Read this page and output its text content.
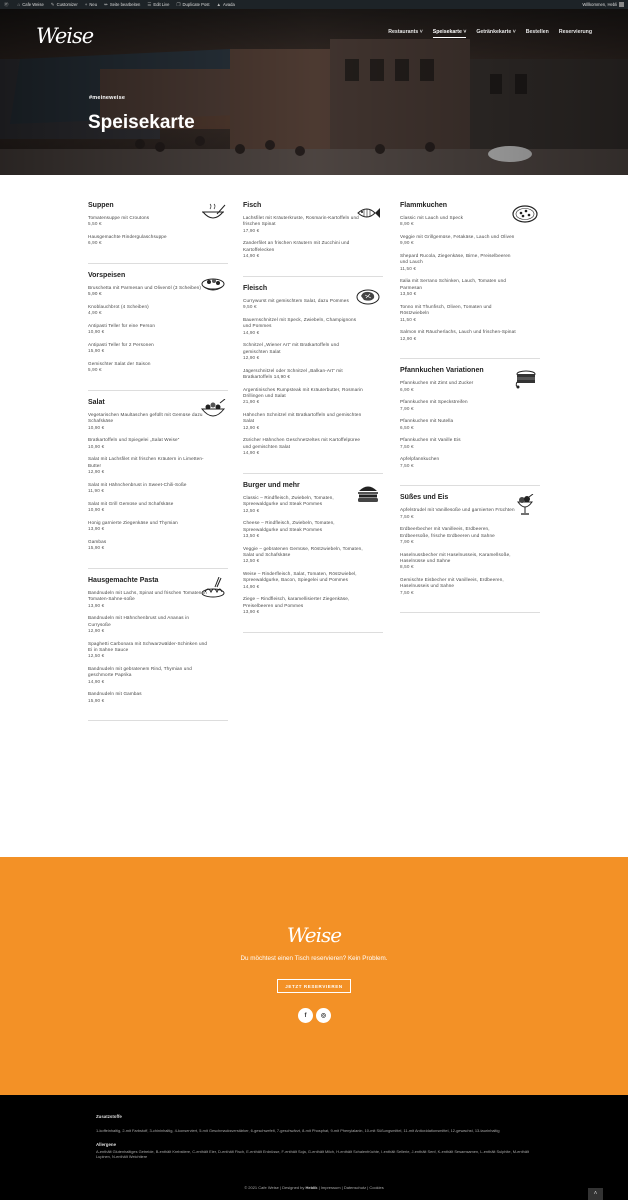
Ⓦ ⌂ Cafe Weise ✎ Customizer + Neu ✏ Seite bearbeiten ☰ Edit Live ❐ Duplicate Post ▲ Avada	Willkommen, Hebli
Weise	Restaurants ˅ Speisekarte ˅ Getränkekarte ˅ Bestellen Reservierung
#meineweise
Speisekarte
Suppen
Tomatensuppe mit Croutons
5,50 €
Hausgemachte Rindergulaschsuppe
6,90 €
Vorspeisen
Bruschetta mit Parmesan und Olivenöl (3 Scheiben) 5,90 €
Knoblauchbrot (4 Scheiben)
4,90 €
Antipasti Teller für eine Person
10,90 €
Antipasti Teller für 2 Personen
15,90 €
Gemischter Salat der Saison
5,90 €
Salat
Vegetarischen Maultaschen gefüllt mit Gemüse dazu Schafskäse
10,90 €
Bratkartoffeln und Spiegelei „Salat Weise“
10,90 €
Salat mit Lachsfilet mit frischen Kräutern in Limetten-Butter
12,90 €
Salat mit Hähnchenbrust in Sweet-Chili-Soße
11,90 €
Salat mit Grill Gemüse und Schafskäse
10,90 €
Honig garnierte Ziegenkäse und Thymian
13,90 €
Gambas
15,90 €
Hausgemachte Pasta
Bandnudeln mit Lachs, Spinat und frischen Tomaten in Tomaten-Sahne-soße
13,90 €
Bandnudeln mit Hähnchenbrust und Ananas in Currysoße
12,90 €
Spaghetti Carbonara mit Schwarzwälder-Schinken und Ei in Sahne Sauce
12,50 €
Bandnudeln mit gebratenem Rind, Thymian und geschmorte Paprika
14,90 €
Bandnudeln mit Gambas
15,90 €
Fisch
Lachsfilet mit Kräuterkruste, Rosmarin-Kartoffeln und frischen Spinat
17,90 €
Zanderfilet an frischen Kräutern mit Zucchini und Kartoffelecken
14,90 €
Fleisch
Currywurst mit gemischtem Salat, dazu Pommes
9,50 €
Bauernschnitzel mit Speck, Zwiebeln, Champignons und Pommes
14,90 €
Schnitzel „Wiener Art“ mit Bratkartoffeln und gemischten Salat
12,90 €
Jägerschnitzel oder Schnitzel „Balkan-Art“ mit Bratkartoffeln 14,90 €
Argentinisches Rumpsteak mit Kräuterbutter, Rosmarin Drillingen und Salat
21,90 €
Hähnchen Schnitzel mit Bratkartoffeln und gemischten Salat
12,90 €
Züricher Hähnchen Geschnetzeltes mit Kartoffelpüree und gemischten Salat
14,90 €
Burger und mehr
Classic – Rindfleisch, Zwiebeln, Tomaten, Spreewaldgurke und Steak Pommes
12,50 €
Cheese – Rindfleisch, Zwiebeln, Tomaten, Spreewaldgurke und Steak Pommes
13,50 €
Veggie – gebratenen Gemüse, Röstzwiebeln, Tomaten, Salat und Schafskäse
12,50 €
Weise – Rinderfleisch, Salat, Tomaten, Röstzwiebel, Spreewaldgurke, Bacon, Spiegelei und Pommes
14,90 €
Ziege – Rindfleisch, karamellisierter Ziegenkäse, Preiselbeeren und Pommes
13,90 €
Flammkuchen
Classic mit Lauch und Speck
8,90 €
Veggie mit Grillgemüse, Fetakäse, Lauch und Oliven
9,90 €
Shepard Rucola, Ziegenkäse, Birne, Preiselbeeren und Lauch
11,50 €
Italia mit Serrano Schinken, Lauch, Tomaten und Parmesan
13,50 €
Tonno mit Thunfisch, Oliven, Tomaten und Röstzwiebeln
11,50 €
Salmon mit Räucherlachs, Lauch und frischen-Spinat
12,90 €
Pfannkuchen Variationen
Pfannkuchen mit Zimt und Zucker
6,90 €
Pfannkuchen mit Speckstreifen
7,90 €
Pfannkuchen mit Nutella
6,50 €
Pfannkuchen mit Vanille Eis
7,50 €
Apfelpfannkuchen
7,50 €
Süßes und Eis
Apfelstrudel mit Vanillesoße und garnierten Früchten
7,50 €
Erdbeerbecher mit Vanilleeis, Erdbeeren, Erdbeersoße, frische Erdbeeren und Sahne
7,90 €
Haselnussbecher mit Haselnusseis, Karamellsoße, Haselnüsse und Sahne
8,50 €
Gemischte Eisbecher mit Vanilleeis, Erdbeeren, Haselnusseis und Sahne
7,50 €
Weise
Du möchtest einen Tisch reservieren? Kein Problem.
JETZT RESERVIEREN
f	◎
Zusatzstoffe
1-koffeinhaltig, 2-mit Farbstoff, 3-chininhaltig, 4-konserviert, 5-mit Geschmacksverstärker, 6-geschwefelt, 7-geschwärzt, 8-mit Phosphat, 9-mit Phenylalanin, 10-mit Süßungsmittel, 11-mit Antioxidationsmittel, 12-gewachst, 13-taurinhaltig
Allergene
A-enthält Glutenhaltiges Getreide, B-enthält Krebstiere, C-enthält Eier, D-enthält Fisch, E-enthält Erdnüsse, F-enthält Soja, G-enthält Milch, H-enthält Schalenfrüchte, I-enthält Sellerie, J-enthält Senf, K-enthält Sesamsamen, L-enthält Sulphite, M-enthält Lupinen, N-enthält Weichtiere
© 2021 Cafe Weise | Designed by Heblik | Impressum | Datenschutz | Cookies
˄
